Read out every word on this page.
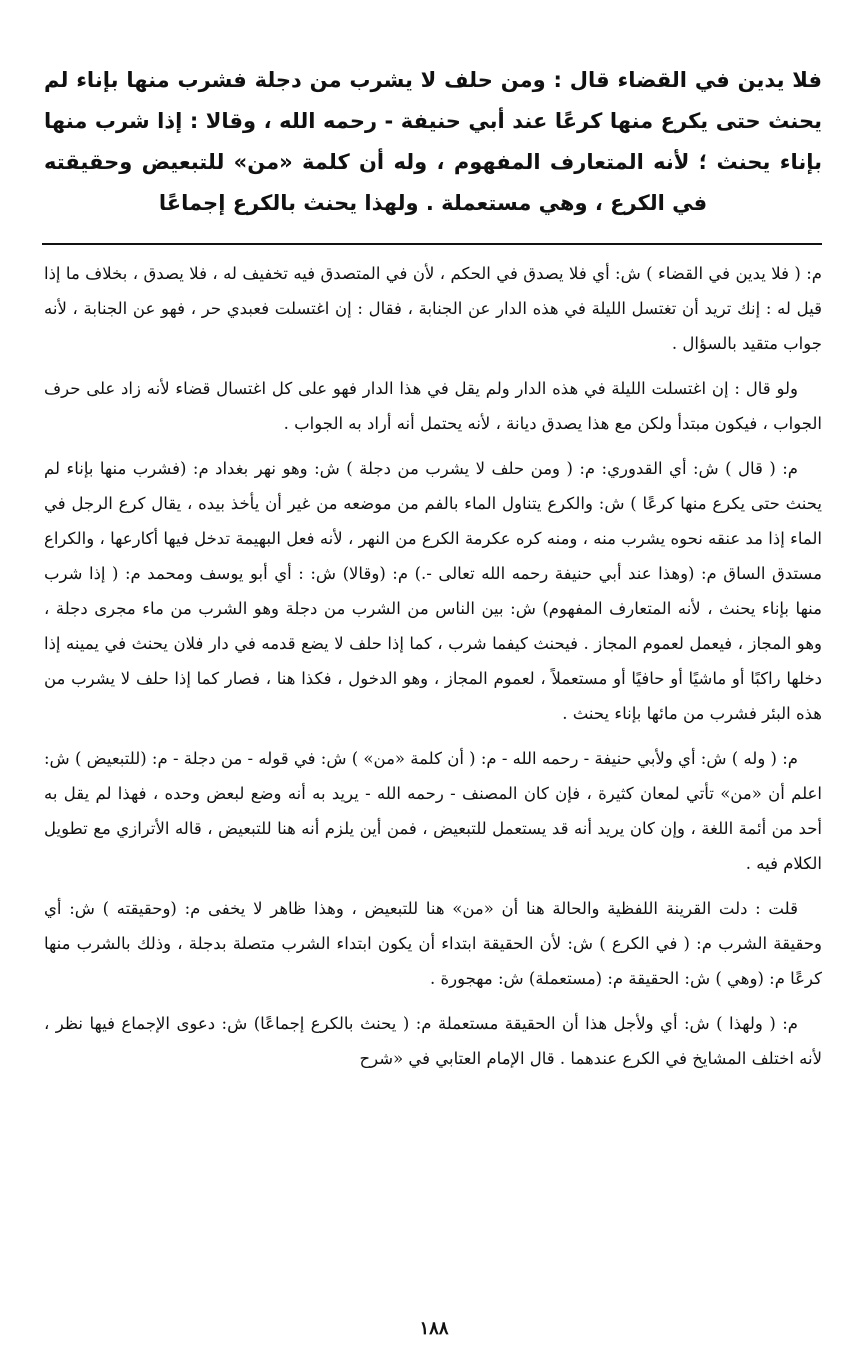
فلا يدين في القضاء قال : ومن حلف لا يشرب من دجلة فشرب منها بإناء لم يحنث حتى يكرع منها كرعًا عند أبي حنيفة - رحمه الله ، وقالا : إذا شرب منها بإناء يحنث ؛ لأنه المتعارف المفهوم ، وله أن كلمة «من» للتبعيض وحقيقته في الكرع ، وهي مستعملة . ولهذا يحنث بالكرع إجماعًا

م: ( فلا يدين في القضاء ) ش: أي فلا يصدق في الحكم ، لأن في المتصدق فيه تخفيف له ، فلا يصدق ، بخلاف ما إذا قيل له : إنك تريد أن تغتسل الليلة في هذه الدار عن الجنابة ، فقال : إن اغتسلت فعبدي حر ، فهو عن الجنابة ، لأنه جواب متقيد بالسؤال .

ولو قال : إن اغتسلت الليلة في هذه الدار ولم يقل في هذا الدار فهو على كل اغتسال قضاء لأنه زاد على حرف الجواب ، فيكون مبتدأ ولكن مع هذا يصدق ديانة ، لأنه يحتمل أنه أراد به الجواب .

م: ( قال ) ش: أي القدوري: م: ( ومن حلف لا يشرب من دجلة ) ش: وهو نهر بغداد م: (فشرب منها بإناء لم يحنث حتى يكرع منها كرعًا ) ش: والكرع يتناول الماء بالفم من موضعه من غير أن يأخذ بيده ، يقال كرع الرجل في الماء إذا مد عنقه نحوه يشرب منه ، ومنه كره عكرمة الكرع من النهر ، لأنه فعل البهيمة تدخل فيها أكارعها ، والكراع مستدق الساق م: (وهذا عند أبي حنيفة رحمه الله تعالى -.) م: (وقالا) ش: : أي أبو يوسف ومحمد م: ( إذا شرب منها بإناء يحنث ، لأنه المتعارف المفهوم) ش: بين الناس من الشرب من دجلة وهو الشرب من ماء مجرى دجلة ، وهو المجاز ، فيعمل لعموم المجاز . فيحنث كيفما شرب ، كما إذا حلف لا يضع قدمه في دار فلان يحنث في يمينه إذا دخلها راكبًا أو ماشيًا أو حافيًا أو مستعملاً ، لعموم المجاز ، وهو الدخول ، فكذا هنا ، فصار كما إذا حلف لا يشرب من هذه البئر فشرب من مائها بإناء يحنث .

م: ( وله ) ش: أي ولأبي حنيفة - رحمه الله - م: ( أن كلمة «من» ) ش: في قوله - من دجلة - م: (للتبعيض ) ش: اعلم أن «من» تأتي لمعان كثيرة ، فإن كان المصنف - رحمه الله - يريد به أنه وضع لبعض وحده ، فهذا لم يقل به أحد من أئمة اللغة ، وإن كان يريد أنه قد يستعمل للتبعيض ، فمن أين يلزم أنه هنا للتبعيض ، قاله الأترازي مع تطويل الكلام فيه .

قلت : دلت القرينة اللفظية والحالة هنا أن «من» هنا للتبعيض ، وهذا ظاهر لا يخفى م: (وحقيقته ) ش: أي وحقيقة الشرب م: ( في الكرع ) ش: لأن الحقيقة ابتداء أن يكون ابتداء الشرب متصلة بدجلة ، وذلك بالشرب منها كرعًا م: (وهي ) ش: الحقيقة م: (مستعملة) ش: مهجورة .

م: ( ولهذا ) ش: أي ولأجل هذا أن الحقيقة مستعملة م: ( يحنث بالكرع إجماعًا) ش: دعوى الإجماع فيها نظر ، لأنه اختلف المشايخ في الكرع عندهما . قال الإمام العتابي في «شرح

١٨٨
